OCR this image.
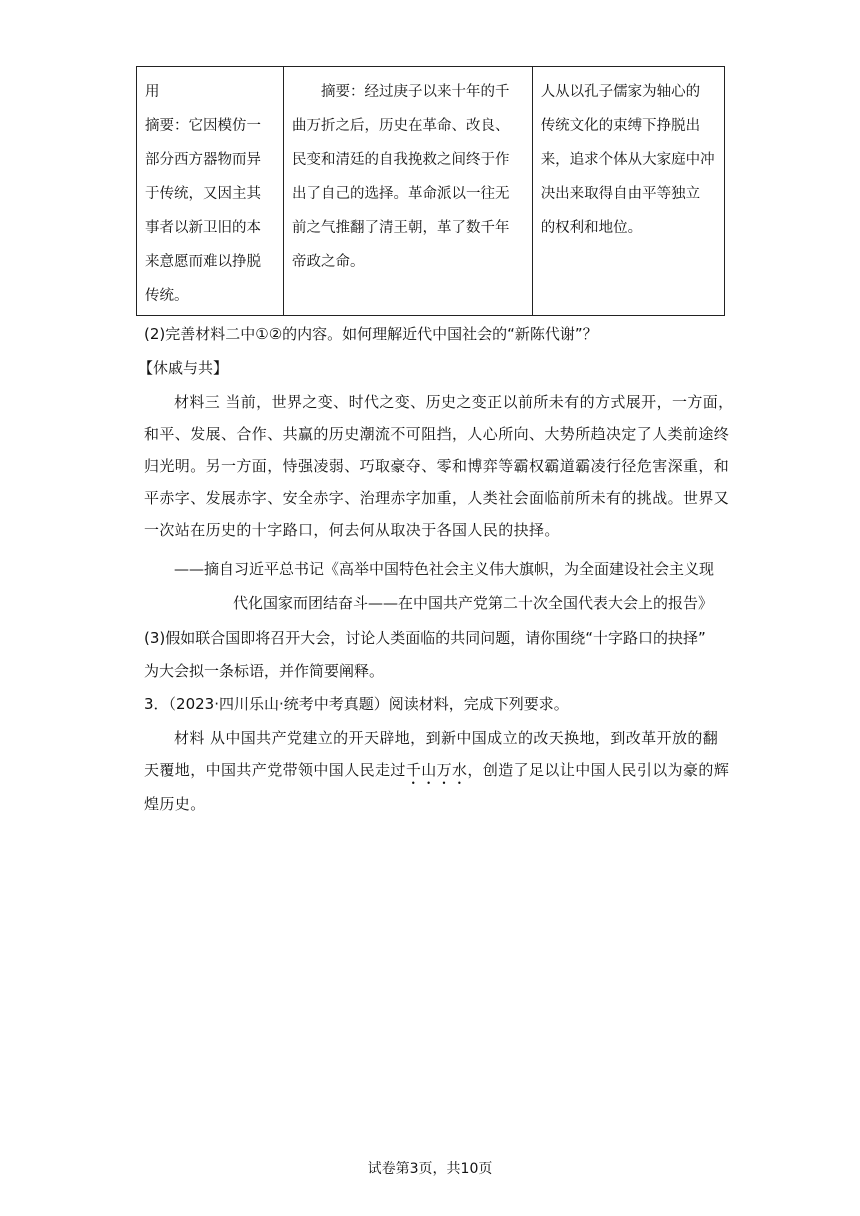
用
摘要：它因模仿一
部分西方器物而异
于传统，又因主其
事者以新卫旧的本
来意愿而难以挣脱
传统。

摘要：经过庚子以来十年的千
曲万折之后，历史在革命、改良、
民变和清廷的自我挽救之间终于作
出了自己的选择。革命派以一往无
前之气推翻了清王朝，革了数千年
帝政之命。

人从以孔子儒家为轴心的
传统文化的束缚下挣脱出
来，追求个体从大家庭中冲
决出来取得自由平等独立
的权利和地位。
(2)完善材料二中①②的内容。如何理解近代中国社会的“新陈代谢”？
【休戚与共】
材料三 当前，世界之变、时代之变、历史之变正以前所未有的方式展开，一方面，
和平、发展、合作、共赢的历史潮流不可阻挡，人心所向、大势所趋决定了人类前途终
归光明。另一方面，恃强凌弱、巧取豪夺、零和博弈等霸权霸道霸凌行径危害深重，和
平赤字、发展赤字、安全赤字、治理赤字加重，人类社会面临前所未有的挑战。世界又
一次站在历史的十字路口，何去何从取决于各国人民的抉择。
——摘自习近平总书记《高举中国特色社会主义伟大旗帜，为全面建设社会主义现
代化国家而团结奋斗——在中国共产党第二十次全国代表大会上的报告》
(3)假如联合国即将召开大会，讨论人类面临的共同问题，请你围绕“十字路口的抉择”
为大会拟一条标语，并作简要阐释。
3．（2023·四川乐山·统考中考真题）阅读材料，完成下列要求。
材料 从中国共产党建立的开天辟地，到新中国成立的改天换地，到改革开放的翻
天覆地，中国共产党带领中国人民走过千山万水，创造了足以让中国人民引以为豪的辉
煌历史。
试卷第3页，共10页
